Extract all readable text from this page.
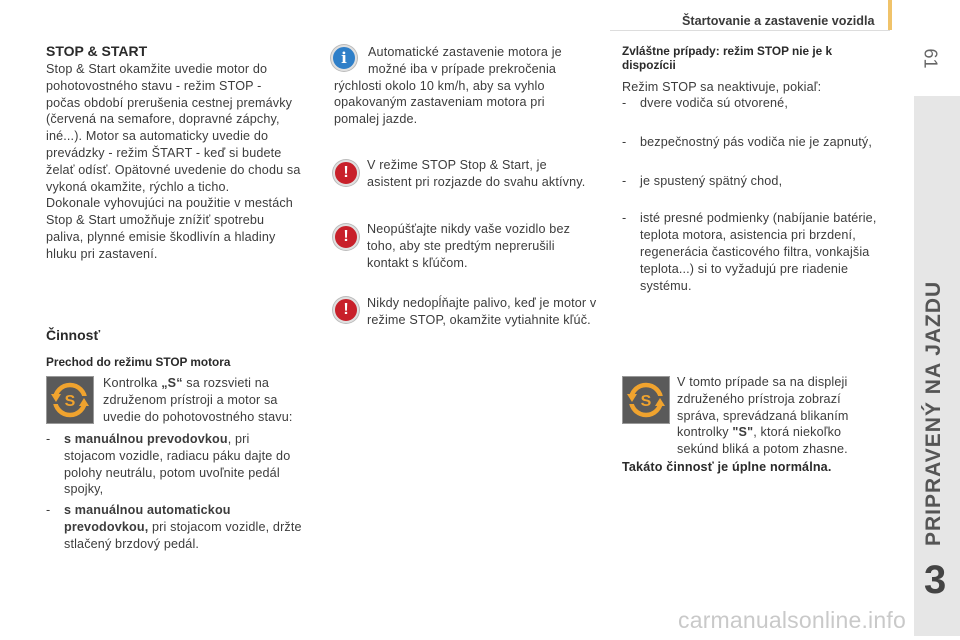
Štartovanie a zastavenie vozidla
61
PRIPRAVENÝ NA JAZDU
3
STOP & START

Stop & Start okamžite uvedie motor do

pohotovostného stavu - režim STOP -

počas období prerušenia cestnej premávky

(červená na semafore, dopravné zápchy,

iné...). Motor sa automaticky uvedie do

prevádzky - režim ŠTART - keď si budete

želať odísť. Opätovné uvedenie do chodu sa

vykoná okamžite, rýchlo a ticho.

Dokonale vyhovujúci na použitie v mestách

Stop & Start umožňuje znížiť spotrebu

paliva, plynné emisie škodlivín a hladiny

hluku pri zastavení.

Činnosť
Prechod do režimu STOP motora
S

Kontrolka „S“ sa rozsvieti na

združenom prístroji a motor sa

uvedie do pohotovostného stavu:

- s manuálnou prevodovkou, pri

stojacom vozidle, radiacu páku dajte do

polohy neutrálu, potom uvoľnite pedál

spojky,

- s manuálnou automatickou

prevodovkou, pri stojacom vozidle, držte

stlačený brzdový pedál.

i	Automatické zastavenie motora je

možné iba v prípade prekročenia

rýchlosti okolo 10 km/h, aby sa vyhlo

opakovaným zastaveniam motora pri

pomalej jazde.

!	V režime STOP Stop & Start, je

asistent pri rozjazde do svahu aktívny.

!	Neopúšťajte nikdy vaše vozidlo bez

toho, aby ste predtým neprerušili

kontakt s kľúčom.

!	Nikdy nedopĺňajte palivo, keď je motor v

režime STOP, okamžite vytiahnite kľúč.

Zvláštne prípady: režim STOP nie je k
dispozícii

Režim STOP sa neaktivuje, pokiaľ:

- dvere vodiča sú otvorené,

- bezpečnostný pás vodiča nie je zapnutý,

- je spustený spätný chod,

- isté presné podmienky (nabíjanie batérie,

teplota motora, asistencia pri brzdení,

regenerácia časticového filtra, vonkajšia

teplota...) si to vyžadujú pre riadenie

systému.

S

V tomto prípade sa na displeji

združeného prístroja zobrazí

správa, sprevádzaná blikaním

kontrolky "S", ktorá niekoľko

sekúnd bliká a potom zhasne.

Takáto činnosť je úplne normálna.

carmanualsonline.info
